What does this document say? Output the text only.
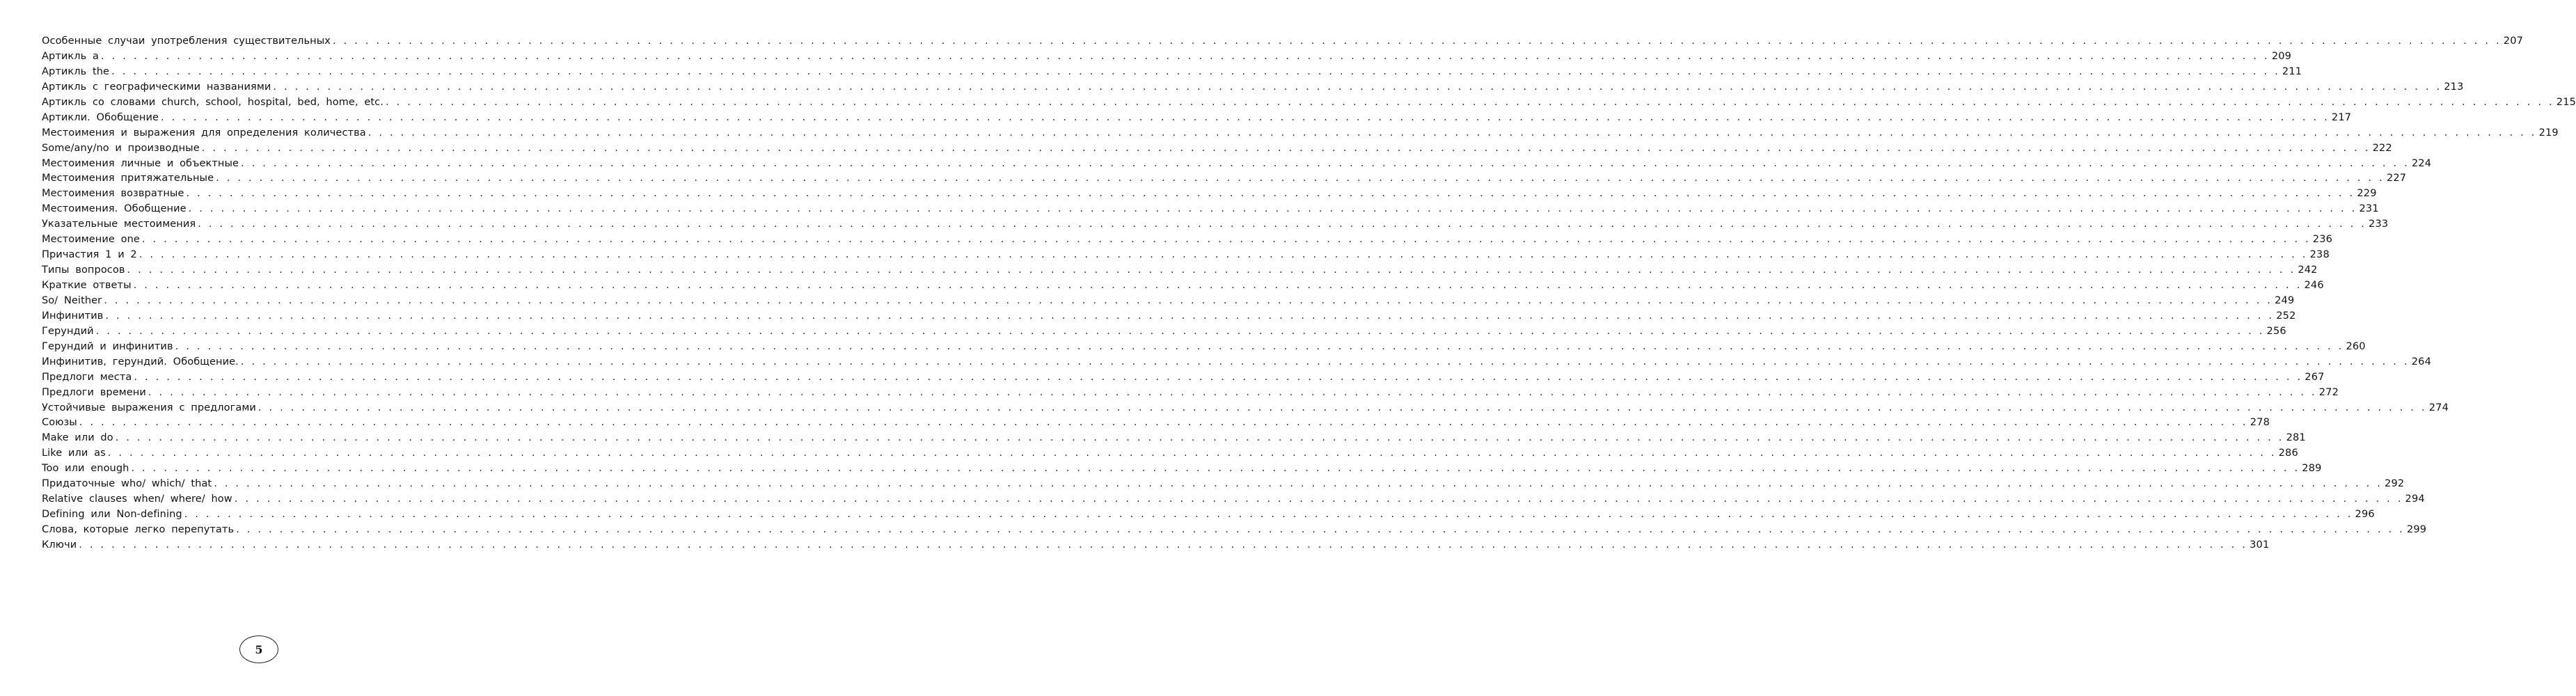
Особенные случаи употребления существительных . . . . . . . . . . . . . . . . . . . . . . . . . . . . . . . . . . . . . . . . . . . . . . . . . . . . . . . . . . . . . . . . . . . . . . . . . . . . . . . . . . . . . . . . . . . . . . . . . . . . . . . . . . . . . . . . . . . . . . . . . . . . . . . . . . . . . . . . . . . . . . . . . . . . . . . . . . . . . . . . . . . . . . . . . . . . . . . . . . . . . . . . . . . . . . . . . . . . . . . . 207
Артикль a . . . . . . . . . . . . . . . . . . . . . . . . . . . . . . . . . . . . . . . . . . . . . . . . . . . . . . . . . . . . . . . . . . . . . . . . . . . . . . . . . . . . . . . . . . . . . . . . . . . . . . . . . . . . . . . . . . . . . . . . . . . . . . . . . . . . . . . . . . . . . . . . . . . . . . . . . . . . . . . . . . . . . . . . . . . . . . . . . . . . . . . . . . . . . . . . . . . . . . . . 209
Артикль the . . . . . . . . . . . . . . . . . . . . . . . . . . . . . . . . . . . . . . . . . . . . . . . . . . . . . . . . . . . . . . . . . . . . . . . . . . . . . . . . . . . . . . . . . . . . . . . . . . . . . . . . . . . . . . . . . . . . . . . . . . . . . . . . . . . . . . . . . . . . . . . . . . . . . . . . . . . . . . . . . . . . . . . . . . . . . . . . . . . . . . . . . . . . . . . . . . . . . . . . 211
Артикль с географическими названиями . . . . . . . . . . . . . . . . . . . . . . . . . . . . . . . . . . . . . . . . . . . . . . . . . . . . . . . . . . . . . . . . . . . . . . . . . . . . . . . . . . . . . . . . . . . . . . . . . . . . . . . . . . . . . . . . . . . . . . . . . . . . . . . . . . . . . . . . . . . . . . . . . . . . . . . . . . . . . . . . . . . . . . . . . . . . . . . . . . . . . . . . . . . . . . . . . . . . . . . . 213
Артикль со словами church, school, hospital, bed, home, etc. . . . . . . . . . . . . . . . . . . . . . . . . . . . . . . . . . . . . . . . . . . . . . . . . . . . . . . . . . . . . . . . . . . . . . . . . . . . . . . . . . . . . . . . . . . . . . . . . . . . . . . . . . . . . . . . . . . . . . . . . . . . . . . . . . . . . . . . . . . . . . . . . . . . . . . . . . . . . . . . . . . . . . . . . . . . . . . . . . . . . . . . . . . . . . . . . . . . . . . . . 215
Артикли. Обобщение . . . . . . . . . . . . . . . . . . . . . . . . . . . . . . . . . . . . . . . . . . . . . . . . . . . . . . . . . . . . . . . . . . . . . . . . . . . . . . . . . . . . . . . . . . . . . . . . . . . . . . . . . . . . . . . . . . . . . . . . . . . . . . . . . . . . . . . . . . . . . . . . . . . . . . . . . . . . . . . . . . . . . . . . . . . . . . . . . . . . . . . . . . . . . . . . . . . . . . . . 217
Местоимения и выражения для определения количества . . . . . . . . . . . . . . . . . . . . . . . . . . . . . . . . . . . . . . . . . . . . . . . . . . . . . . . . . . . . . . . . . . . . . . . . . . . . . . . . . . . . . . . . . . . . . . . . . . . . . . . . . . . . . . . . . . . . . . . . . . . . . . . . . . . . . . . . . . . . . . . . . . . . . . . . . . . . . . . . . . . . . . . . . . . . . . . . . . . . . . . . . . . . . . . . . . . . . . . . 219
Some/any/no и производные . . . . . . . . . . . . . . . . . . . . . . . . . . . . . . . . . . . . . . . . . . . . . . . . . . . . . . . . . . . . . . . . . . . . . . . . . . . . . . . . . . . . . . . . . . . . . . . . . . . . . . . . . . . . . . . . . . . . . . . . . . . . . . . . . . . . . . . . . . . . . . . . . . . . . . . . . . . . . . . . . . . . . . . . . . . . . . . . . . . . . . . . . . . . . . . . . . . . . . . . 222
Местоимения личные и объектные . . . . . . . . . . . . . . . . . . . . . . . . . . . . . . . . . . . . . . . . . . . . . . . . . . . . . . . . . . . . . . . . . . . . . . . . . . . . . . . . . . . . . . . . . . . . . . . . . . . . . . . . . . . . . . . . . . . . . . . . . . . . . . . . . . . . . . . . . . . . . . . . . . . . . . . . . . . . . . . . . . . . . . . . . . . . . . . . . . . . . . . . . . . . . . . . . . . . . . . . 224
Местоимения притяжательные . . . . . . . . . . . . . . . . . . . . . . . . . . . . . . . . . . . . . . . . . . . . . . . . . . . . . . . . . . . . . . . . . . . . . . . . . . . . . . . . . . . . . . . . . . . . . . . . . . . . . . . . . . . . . . . . . . . . . . . . . . . . . . . . . . . . . . . . . . . . . . . . . . . . . . . . . . . . . . . . . . . . . . . . . . . . . . . . . . . . . . . . . . . . . . . . . . . . . . . . 227
Местоимения возвратные . . . . . . . . . . . . . . . . . . . . . . . . . . . . . . . . . . . . . . . . . . . . . . . . . . . . . . . . . . . . . . . . . . . . . . . . . . . . . . . . . . . . . . . . . . . . . . . . . . . . . . . . . . . . . . . . . . . . . . . . . . . . . . . . . . . . . . . . . . . . . . . . . . . . . . . . . . . . . . . . . . . . . . . . . . . . . . . . . . . . . . . . . . . . . . . . . . . . . . . . 229
Местоимения. Обобщение . . . . . . . . . . . . . . . . . . . . . . . . . . . . . . . . . . . . . . . . . . . . . . . . . . . . . . . . . . . . . . . . . . . . . . . . . . . . . . . . . . . . . . . . . . . . . . . . . . . . . . . . . . . . . . . . . . . . . . . . . . . . . . . . . . . . . . . . . . . . . . . . . . . . . . . . . . . . . . . . . . . . . . . . . . . . . . . . . . . . . . . . . . . . . . . . . . . . . . . . 231
Указательные местоимения . . . . . . . . . . . . . . . . . . . . . . . . . . . . . . . . . . . . . . . . . . . . . . . . . . . . . . . . . . . . . . . . . . . . . . . . . . . . . . . . . . . . . . . . . . . . . . . . . . . . . . . . . . . . . . . . . . . . . . . . . . . . . . . . . . . . . . . . . . . . . . . . . . . . . . . . . . . . . . . . . . . . . . . . . . . . . . . . . . . . . . . . . . . . . . . . . . . . . . . . 233
Местоимение one . . . . . . . . . . . . . . . . . . . . . . . . . . . . . . . . . . . . . . . . . . . . . . . . . . . . . . . . . . . . . . . . . . . . . . . . . . . . . . . . . . . . . . . . . . . . . . . . . . . . . . . . . . . . . . . . . . . . . . . . . . . . . . . . . . . . . . . . . . . . . . . . . . . . . . . . . . . . . . . . . . . . . . . . . . . . . . . . . . . . . . . . . . . . . . . . . . . . . . . . 236
Причастия 1 и 2 . . . . . . . . . . . . . . . . . . . . . . . . . . . . . . . . . . . . . . . . . . . . . . . . . . . . . . . . . . . . . . . . . . . . . . . . . . . . . . . . . . . . . . . . . . . . . . . . . . . . . . . . . . . . . . . . . . . . . . . . . . . . . . . . . . . . . . . . . . . . . . . . . . . . . . . . . . . . . . . . . . . . . . . . . . . . . . . . . . . . . . . . . . . . . . . . . . . . . . . . 238
Типы вопросов . . . . . . . . . . . . . . . . . . . . . . . . . . . . . . . . . . . . . . . . . . . . . . . . . . . . . . . . . . . . . . . . . . . . . . . . . . . . . . . . . . . . . . . . . . . . . . . . . . . . . . . . . . . . . . . . . . . . . . . . . . . . . . . . . . . . . . . . . . . . . . . . . . . . . . . . . . . . . . . . . . . . . . . . . . . . . . . . . . . . . . . . . . . . . . . . . . . . . . . . 242
Краткие ответы . . . . . . . . . . . . . . . . . . . . . . . . . . . . . . . . . . . . . . . . . . . . . . . . . . . . . . . . . . . . . . . . . . . . . . . . . . . . . . . . . . . . . . . . . . . . . . . . . . . . . . . . . . . . . . . . . . . . . . . . . . . . . . . . . . . . . . . . . . . . . . . . . . . . . . . . . . . . . . . . . . . . . . . . . . . . . . . . . . . . . . . . . . . . . . . . . . . . . . . . 246
So/ Neither . . . . . . . . . . . . . . . . . . . . . . . . . . . . . . . . . . . . . . . . . . . . . . . . . . . . . . . . . . . . . . . . . . . . . . . . . . . . . . . . . . . . . . . . . . . . . . . . . . . . . . . . . . . . . . . . . . . . . . . . . . . . . . . . . . . . . . . . . . . . . . . . . . . . . . . . . . . . . . . . . . . . . . . . . . . . . . . . . . . . . . . . . . . . . . . . . . . . . . . . 249
Инфинитив . . . . . . . . . . . . . . . . . . . . . . . . . . . . . . . . . . . . . . . . . . . . . . . . . . . . . . . . . . . . . . . . . . . . . . . . . . . . . . . . . . . . . . . . . . . . . . . . . . . . . . . . . . . . . . . . . . . . . . . . . . . . . . . . . . . . . . . . . . . . . . . . . . . . . . . . . . . . . . . . . . . . . . . . . . . . . . . . . . . . . . . . . . . . . . . . . . . . . . . . 252
Герундий . . . . . . . . . . . . . . . . . . . . . . . . . . . . . . . . . . . . . . . . . . . . . . . . . . . . . . . . . . . . . . . . . . . . . . . . . . . . . . . . . . . . . . . . . . . . . . . . . . . . . . . . . . . . . . . . . . . . . . . . . . . . . . . . . . . . . . . . . . . . . . . . . . . . . . . . . . . . . . . . . . . . . . . . . . . . . . . . . . . . . . . . . . . . . . . . . . . . . . . . 256
Герундий и инфинитив . . . . . . . . . . . . . . . . . . . . . . . . . . . . . . . . . . . . . . . . . . . . . . . . . . . . . . . . . . . . . . . . . . . . . . . . . . . . . . . . . . . . . . . . . . . . . . . . . . . . . . . . . . . . . . . . . . . . . . . . . . . . . . . . . . . . . . . . . . . . . . . . . . . . . . . . . . . . . . . . . . . . . . . . . . . . . . . . . . . . . . . . . . . . . . . . . . . . . . . . 260
Инфинитив, герундий. Обобщение. . . . . . . . . . . . . . . . . . . . . . . . . . . . . . . . . . . . . . . . . . . . . . . . . . . . . . . . . . . . . . . . . . . . . . . . . . . . . . . . . . . . . . . . . . . . . . . . . . . . . . . . . . . . . . . . . . . . . . . . . . . . . . . . . . . . . . . . . . . . . . . . . . . . . . . . . . . . . . . . . . . . . . . . . . . . . . . . . . . . . . . . . . . . . . . . . . . . . . . . . 264
Предлоги места . . . . . . . . . . . . . . . . . . . . . . . . . . . . . . . . . . . . . . . . . . . . . . . . . . . . . . . . . . . . . . . . . . . . . . . . . . . . . . . . . . . . . . . . . . . . . . . . . . . . . . . . . . . . . . . . . . . . . . . . . . . . . . . . . . . . . . . . . . . . . . . . . . . . . . . . . . . . . . . . . . . . . . . . . . . . . . . . . . . . . . . . . . . . . . . . . . . . . . . . 267
Предлоги времени . . . . . . . . . . . . . . . . . . . . . . . . . . . . . . . . . . . . . . . . . . . . . . . . . . . . . . . . . . . . . . . . . . . . . . . . . . . . . . . . . . . . . . . . . . . . . . . . . . . . . . . . . . . . . . . . . . . . . . . . . . . . . . . . . . . . . . . . . . . . . . . . . . . . . . . . . . . . . . . . . . . . . . . . . . . . . . . . . . . . . . . . . . . . . . . . . . . . . . . . 272
Устойчивые выражения с предлогами . . . . . . . . . . . . . . . . . . . . . . . . . . . . . . . . . . . . . . . . . . . . . . . . . . . . . . . . . . . . . . . . . . . . . . . . . . . . . . . . . . . . . . . . . . . . . . . . . . . . . . . . . . . . . . . . . . . . . . . . . . . . . . . . . . . . . . . . . . . . . . . . . . . . . . . . . . . . . . . . . . . . . . . . . . . . . . . . . . . . . . . . . . . . . . . . . . . . . . . . 274
Союзы . . . . . . . . . . . . . . . . . . . . . . . . . . . . . . . . . . . . . . . . . . . . . . . . . . . . . . . . . . . . . . . . . . . . . . . . . . . . . . . . . . . . . . . . . . . . . . . . . . . . . . . . . . . . . . . . . . . . . . . . . . . . . . . . . . . . . . . . . . . . . . . . . . . . . . . . . . . . . . . . . . . . . . . . . . . . . . . . . . . . . . . . . . . . . . . . . . . . . . . . 278
Make или do . . . . . . . . . . . . . . . . . . . . . . . . . . . . . . . . . . . . . . . . . . . . . . . . . . . . . . . . . . . . . . . . . . . . . . . . . . . . . . . . . . . . . . . . . . . . . . . . . . . . . . . . . . . . . . . . . . . . . . . . . . . . . . . . . . . . . . . . . . . . . . . . . . . . . . . . . . . . . . . . . . . . . . . . . . . . . . . . . . . . . . . . . . . . . . . . . . . . . . . . 281
Like или as . . . . . . . . . . . . . . . . . . . . . . . . . . . . . . . . . . . . . . . . . . . . . . . . . . . . . . . . . . . . . . . . . . . . . . . . . . . . . . . . . . . . . . . . . . . . . . . . . . . . . . . . . . . . . . . . . . . . . . . . . . . . . . . . . . . . . . . . . . . . . . . . . . . . . . . . . . . . . . . . . . . . . . . . . . . . . . . . . . . . . . . . . . . . . . . . . . . . . . . . 286
Too или enough . . . . . . . . . . . . . . . . . . . . . . . . . . . . . . . . . . . . . . . . . . . . . . . . . . . . . . . . . . . . . . . . . . . . . . . . . . . . . . . . . . . . . . . . . . . . . . . . . . . . . . . . . . . . . . . . . . . . . . . . . . . . . . . . . . . . . . . . . . . . . . . . . . . . . . . . . . . . . . . . . . . . . . . . . . . . . . . . . . . . . . . . . . . . . . . . . . . . . . . . 289
Придаточные who/ which/ that . . . . . . . . . . . . . . . . . . . . . . . . . . . . . . . . . . . . . . . . . . . . . . . . . . . . . . . . . . . . . . . . . . . . . . . . . . . . . . . . . . . . . . . . . . . . . . . . . . . . . . . . . . . . . . . . . . . . . . . . . . . . . . . . . . . . . . . . . . . . . . . . . . . . . . . . . . . . . . . . . . . . . . . . . . . . . . . . . . . . . . . . . . . . . . . . . . . . . . . . 292
Relative clauses when/ where/ how . . . . . . . . . . . . . . . . . . . . . . . . . . . . . . . . . . . . . . . . . . . . . . . . . . . . . . . . . . . . . . . . . . . . . . . . . . . . . . . . . . . . . . . . . . . . . . . . . . . . . . . . . . . . . . . . . . . . . . . . . . . . . . . . . . . . . . . . . . . . . . . . . . . . . . . . . . . . . . . . . . . . . . . . . . . . . . . . . . . . . . . . . . . . . . . . . . . . . . . . 294
Defining или Non-defining . . . . . . . . . . . . . . . . . . . . . . . . . . . . . . . . . . . . . . . . . . . . . . . . . . . . . . . . . . . . . . . . . . . . . . . . . . . . . . . . . . . . . . . . . . . . . . . . . . . . . . . . . . . . . . . . . . . . . . . . . . . . . . . . . . . . . . . . . . . . . . . . . . . . . . . . . . . . . . . . . . . . . . . . . . . . . . . . . . . . . . . . . . . . . . . . . . . . . . . . 296
Слова, которые легко перепутать . . . . . . . . . . . . . . . . . . . . . . . . . . . . . . . . . . . . . . . . . . . . . . . . . . . . . . . . . . . . . . . . . . . . . . . . . . . . . . . . . . . . . . . . . . . . . . . . . . . . . . . . . . . . . . . . . . . . . . . . . . . . . . . . . . . . . . . . . . . . . . . . . . . . . . . . . . . . . . . . . . . . . . . . . . . . . . . . . . . . . . . . . . . . . . . . . . . . . . . . 299
Ключи . . . . . . . . . . . . . . . . . . . . . . . . . . . . . . . . . . . . . . . . . . . . . . . . . . . . . . . . . . . . . . . . . . . . . . . . . . . . . . . . . . . . . . . . . . . . . . . . . . . . . . . . . . . . . . . . . . . . . . . . . . . . . . . . . . . . . . . . . . . . . . . . . . . . . . . . . . . . . . . . . . . . . . . . . . . . . . . . . . . . . . . . . . . . . . . . . . . . . . . . 301
5
